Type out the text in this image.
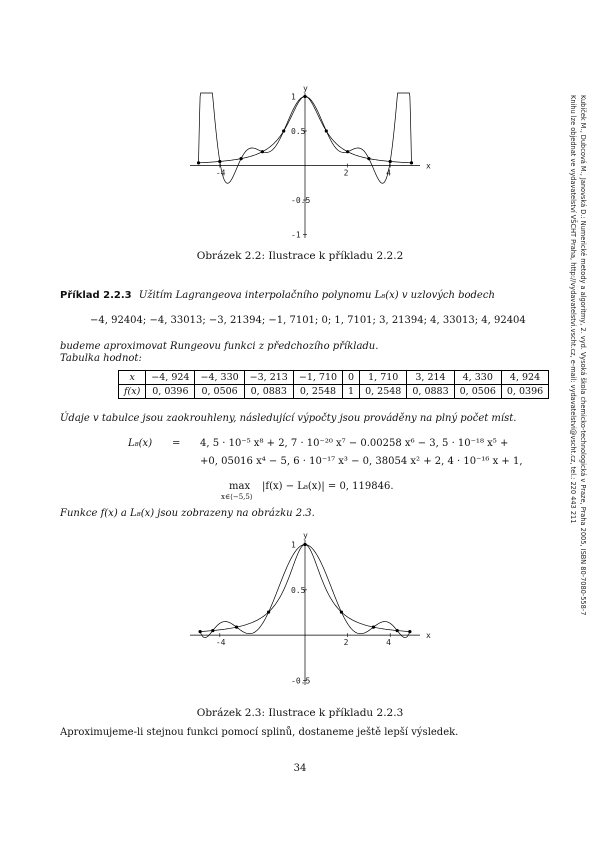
y
x
-4	2	4
1
0.5
-0.5
-1
Obrázek 2.2: Ilustrace k příkladu 2.2.2
Příklad 2.2.3 Užitím Lagrangeova interpolačního polynomu L₈(x) v uzlových bodech
−4, 92404; −4, 33013; −3, 21394; −1, 7101; 0; 1, 7101; 3, 21394; 4, 33013; 4, 92404
budeme aproximovat Rungeovu funkci z předchozího příkladu.
Tabulka hodnot:
x	−4, 924	−4, 330	−3, 213	−1, 710	0	1, 710	3, 214	4, 330	4, 924
f(x)	0, 0396	0, 0506	0, 0883	0, 2548	1	0, 2548	0, 0883	0, 0506	0, 0396
Údaje v tabulce jsou zaokrouhleny, následující výpočty jsou prováděny na plný počet míst.
L₈(x) = 4, 5 · 10⁻⁵ x⁸ + 2, 7 · 10⁻²⁰ x⁷ − 0.00258 x⁶ − 3, 5 · 10⁻¹⁸ x⁵ +
+0, 05016 x⁴ − 5, 6 · 10⁻¹⁷ x³ − 0, 38054 x² + 2, 4 · 10⁻¹⁶ x + 1,
max
x∈⟨−5,5⟩
|f(x) − L₈(x)| = 0, 119846.
Funkce f(x) a L₈(x) jsou zobrazeny na obrázku 2.3.
y
x
-4	2	4
1
0.5
-0.5
Obrázek 2.3: Ilustrace k příkladu 2.2.3
Aproximujeme-li stejnou funkci pomocí splinů, dostaneme ještě lepší výsledek.
34
Kubíček M., Dubcová M., Janovská D.: Numerické metody a algoritmy, 2. vyd. Vysoká škola chemicko-technologická v Praze, Praha 2005, ISBN 80-7080-558-7
Knihu lze objednat ve vydavatelství VŠCHT Praha, http://vydavatelstvi.vscht.cz, e-mail: vydavatelstvi@vscht.cz, tel.: 220 443 211
